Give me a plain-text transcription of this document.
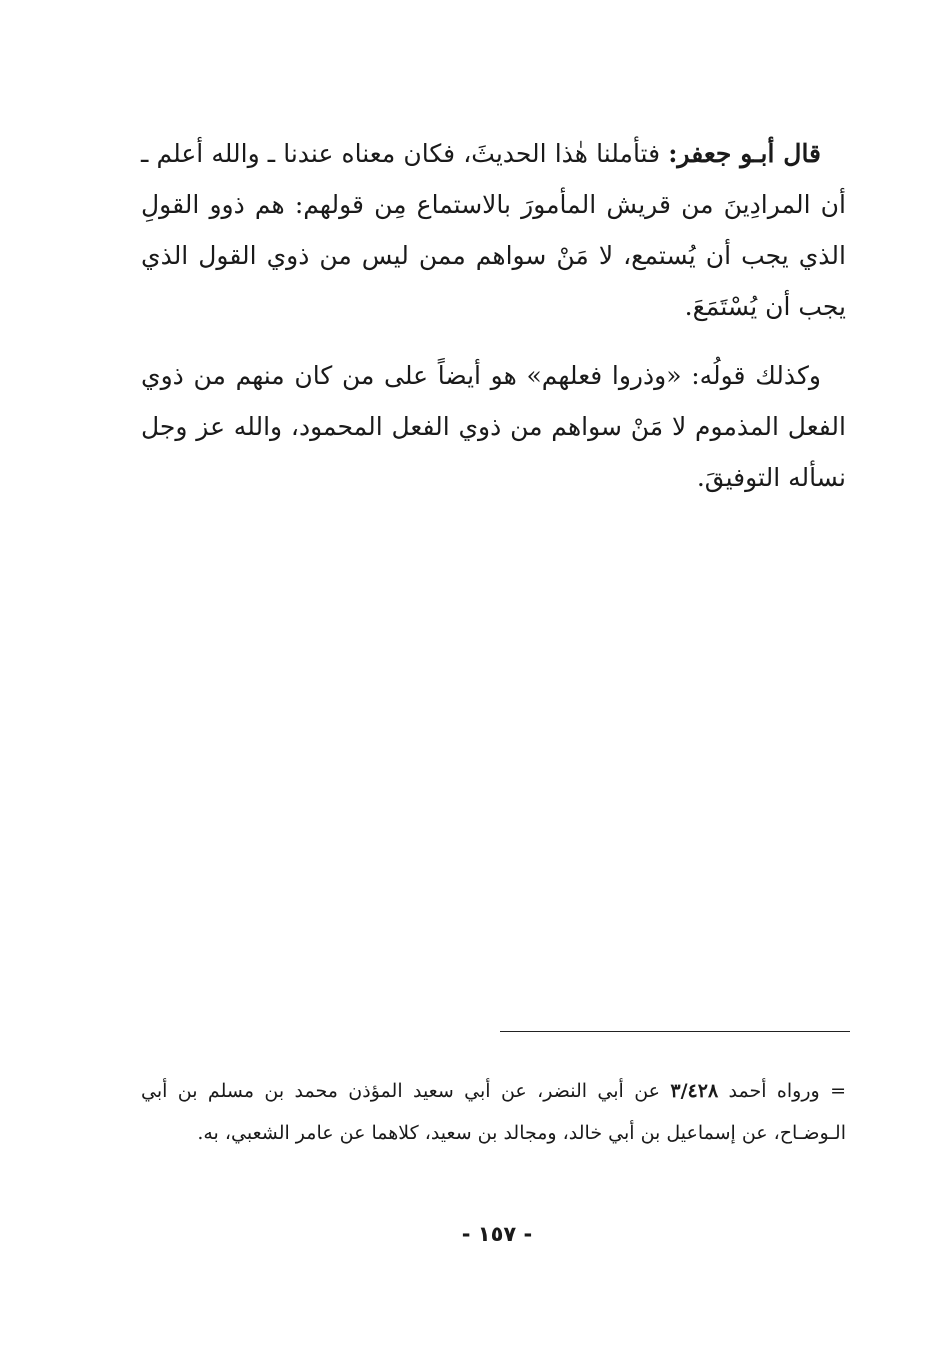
قال أبـو جعفر: فتأملنا هٰذا الحديثَ، فكان معناه عندنا ـ والله أعلم ـ أن المرادِينَ من قريش المأمورَ بالاستماع مِن قولهم: هم ذوو القولِ الذي يجب أن يُستمع، لا مَنْ سواهم ممن ليس من ذوي القول الذي يجب أن يُسْتَمَعَ.

وكذلك قولُه: «وذروا فعلهم» هو أيضاً على من كان منهم من ذوي الفعل المذموم لا مَنْ سواهم من ذوي الفعل المحمود، والله عز وجل نسأله التوفيقَ.

= ورواه أحمد ٣/٤٢٨ عن أبي النضر، عن أبي سعيد المؤذن محمد بن مسلم بن أبي الـوضـاح، عن إسماعيل بن أبي خالد، ومجالد بن سعيد، كلاهما عن عامر الشعبي، به.
- ١٥٧ -
